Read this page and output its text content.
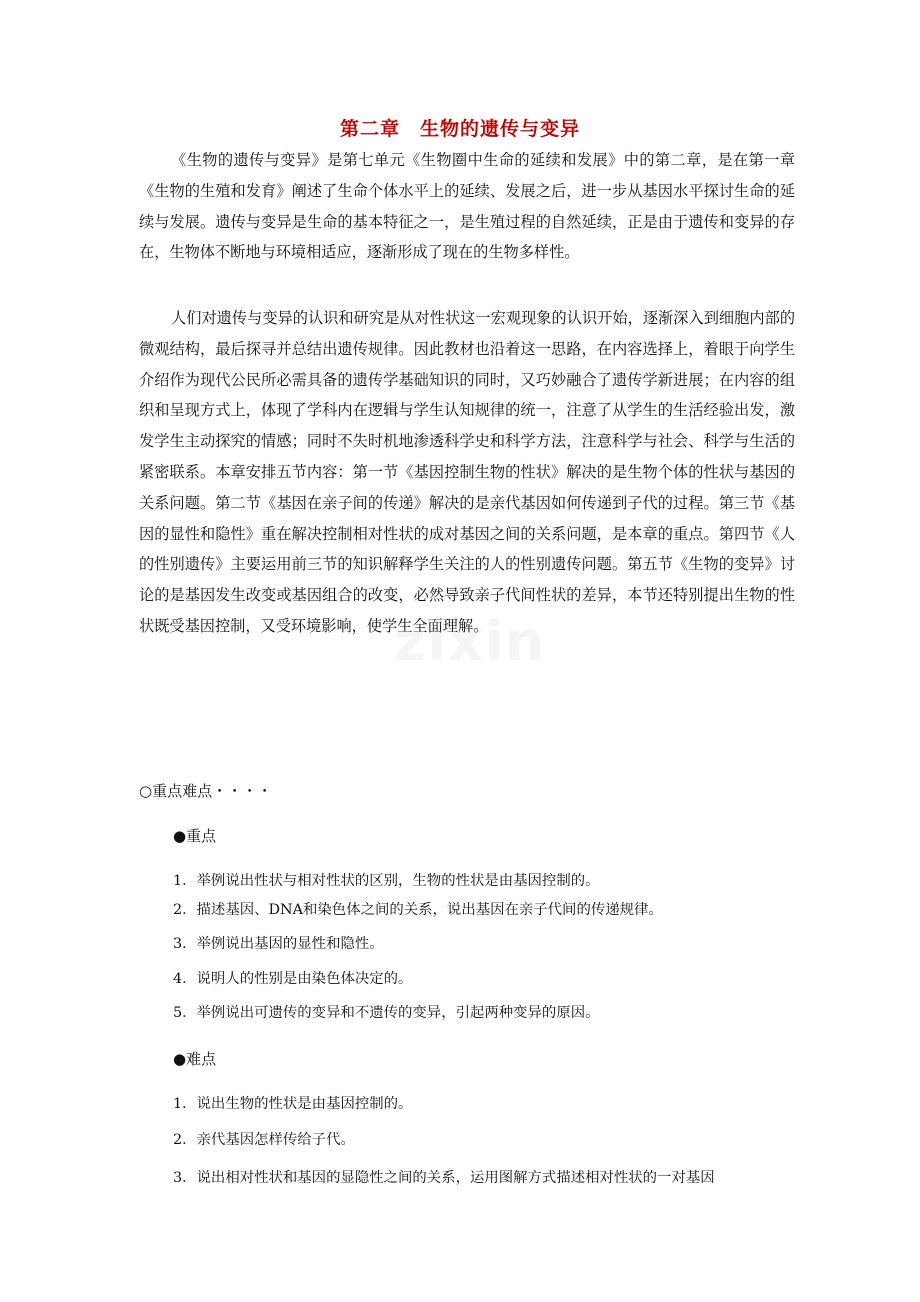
第二章　生物的遗传与变异

《生物的遗传与变异》是第七单元《生物圈中生命的延续和发展》中的第二章，是在第一章《生物的生殖和发育》阐述了生命个体水平上的延续、发展之后，进一步从基因水平探讨生命的延续与发展。遗传与变异是生命的基本特征之一，是生殖过程的自然延续，正是由于遗传和变异的存在，生物体不断地与环境相适应，逐渐形成了现在的生物多样性。

人们对遗传与变异的认识和研究是从对性状这一宏观现象的认识开始，逐渐深入到细胞内部的微观结构，最后探寻并总结出遗传规律。因此教材也沿着这一思路，在内容选择上，着眼于向学生介绍作为现代公民所必需具备的遗传学基础知识的同时，又巧妙融合了遗传学新进展；在内容的组织和呈现方式上，体现了学科内在逻辑与学生认知规律的统一，注意了从学生的生活经验出发，激发学生主动探究的情感；同时不失时机地渗透科学史和科学方法，注意科学与社会、科学与生活的紧密联系。本章安排五节内容：第一节《基因控制生物的性状》解决的是生物个体的性状与基因的关系问题。第二节《基因在亲子间的传递》解决的是亲代基因如何传递到子代的过程。第三节《基因的显性和隐性》重在解决控制相对性状的成对基因之间的关系问题，是本章的重点。第四节《人的性别遗传》主要运用前三节的知识解释学生关注的人的性别遗传问题。第五节《生物的变异》讨论的是基因发生改变或基因组合的改变，必然导致亲子代间性状的差异，本节还特别提出生物的性状既受基因控制，又受环境影响，使学生全面理解。

○重点难点・・・・

●重点

1．举例说出性状与相对性状的区别，生物的性状是由基因控制的。

2．描述基因、DNA和染色体之间的关系，说出基因在亲子代间的传递规律。

3．举例说出基因的显性和隐性。

4．说明人的性别是由染色体决定的。

5．举例说出可遗传的变异和不遗传的变异，引起两种变异的原因。

●难点

1．说出生物的性状是由基因控制的。

2．亲代基因怎样传给子代。

3．说出相对性状和基因的显隐性之间的关系，运用图解方式描述相对性状的一对基因

zixin
